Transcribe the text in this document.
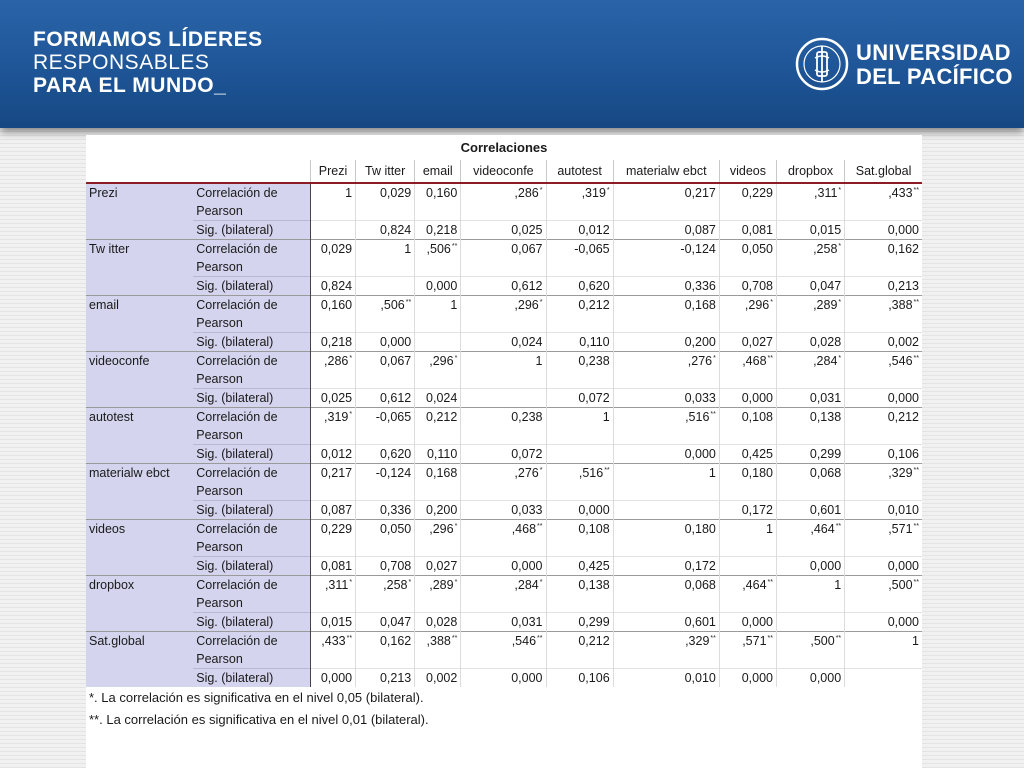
FORMAMOS LÍDERES
RESPONSABLES
PARA EL MUNDO_
UNIVERSIDAD
DEL PACÍFICO
Correlaciones										
		Prezi	Tw itter	email	videoconfe	autotest	materialw ebct	videos	dropbox	Sat.global
Prezi	Correlación de Pearson	1	0,029	0,160	,286*	,319*	0,217	0,229	,311*	,433**
	Sig. (bilateral)		0,824	0,218	0,025	0,012	0,087	0,081	0,015	0,000
Tw itter	Correlación de Pearson	0,029	1	,506**	0,067	-0,065	-0,124	0,050	,258*	0,162
	Sig. (bilateral)	0,824		0,000	0,612	0,620	0,336	0,708	0,047	0,213
email	Correlación de Pearson	0,160	,506**	1	,296*	0,212	0,168	,296*	,289*	,388**
	Sig. (bilateral)	0,218	0,000		0,024	0,110	0,200	0,027	0,028	0,002
videoconfe	Correlación de Pearson	,286*	0,067	,296*	1	0,238	,276*	,468**	,284*	,546**
	Sig. (bilateral)	0,025	0,612	0,024		0,072	0,033	0,000	0,031	0,000
autotest	Correlación de Pearson	,319*	-0,065	0,212	0,238	1	,516**	0,108	0,138	0,212
	Sig. (bilateral)	0,012	0,620	0,110	0,072		0,000	0,425	0,299	0,106
materialw ebct	Correlación de Pearson	0,217	-0,124	0,168	,276*	,516**	1	0,180	0,068	,329**
	Sig. (bilateral)	0,087	0,336	0,200	0,033	0,000		0,172	0,601	0,010
videos	Correlación de Pearson	0,229	0,050	,296*	,468**	0,108	0,180	1	,464**	,571**
	Sig. (bilateral)	0,081	0,708	0,027	0,000	0,425	0,172		0,000	0,000
dropbox	Correlación de Pearson	,311*	,258*	,289*	,284*	0,138	0,068	,464**	1	,500**
	Sig. (bilateral)	0,015	0,047	0,028	0,031	0,299	0,601	0,000		0,000
Sat.global	Correlación de Pearson	,433**	0,162	,388**	,546**	0,212	,329**	,571**	,500**	1
	Sig. (bilateral)	0,000	0,213	0,002	0,000	0,106	0,010	0,000	0,000	
*. La correlación es significativa en el nivel 0,05 (bilateral).										
**. La correlación es significativa en el nivel 0,01 (bilateral).										
